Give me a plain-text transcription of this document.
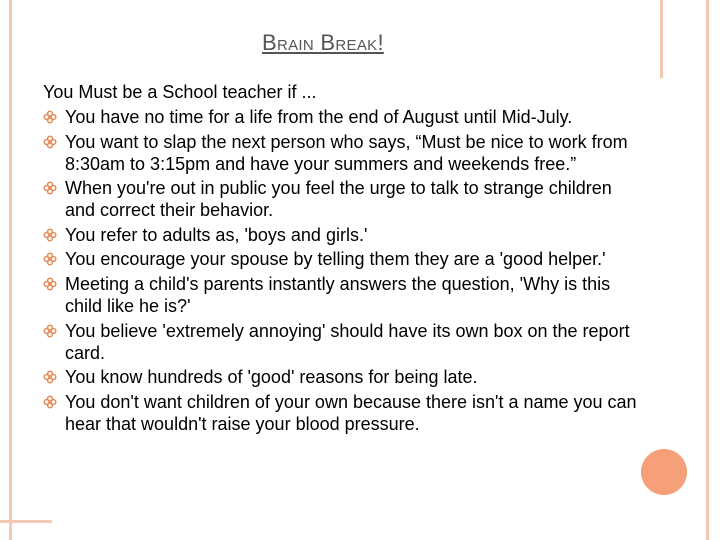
Brain Break!
You Must be a School teacher if ...
You have no time for a life from the end of August until Mid-July.
You want to slap the next person who says, “Must be nice to work from 8:30am to 3:15pm and have your summers and weekends free.”
When you're out in public you feel the urge to talk to strange children and correct their behavior.
You refer to adults as, 'boys and girls.'
You encourage your spouse by telling them they are a 'good helper.'
Meeting a child's parents instantly answers the question, 'Why is this child like he is?'
You believe 'extremely annoying' should have its own box on the report card.
You know hundreds of 'good' reasons for being late.
You don't want children of your own because there isn't a name you can hear that wouldn't raise your blood pressure.
